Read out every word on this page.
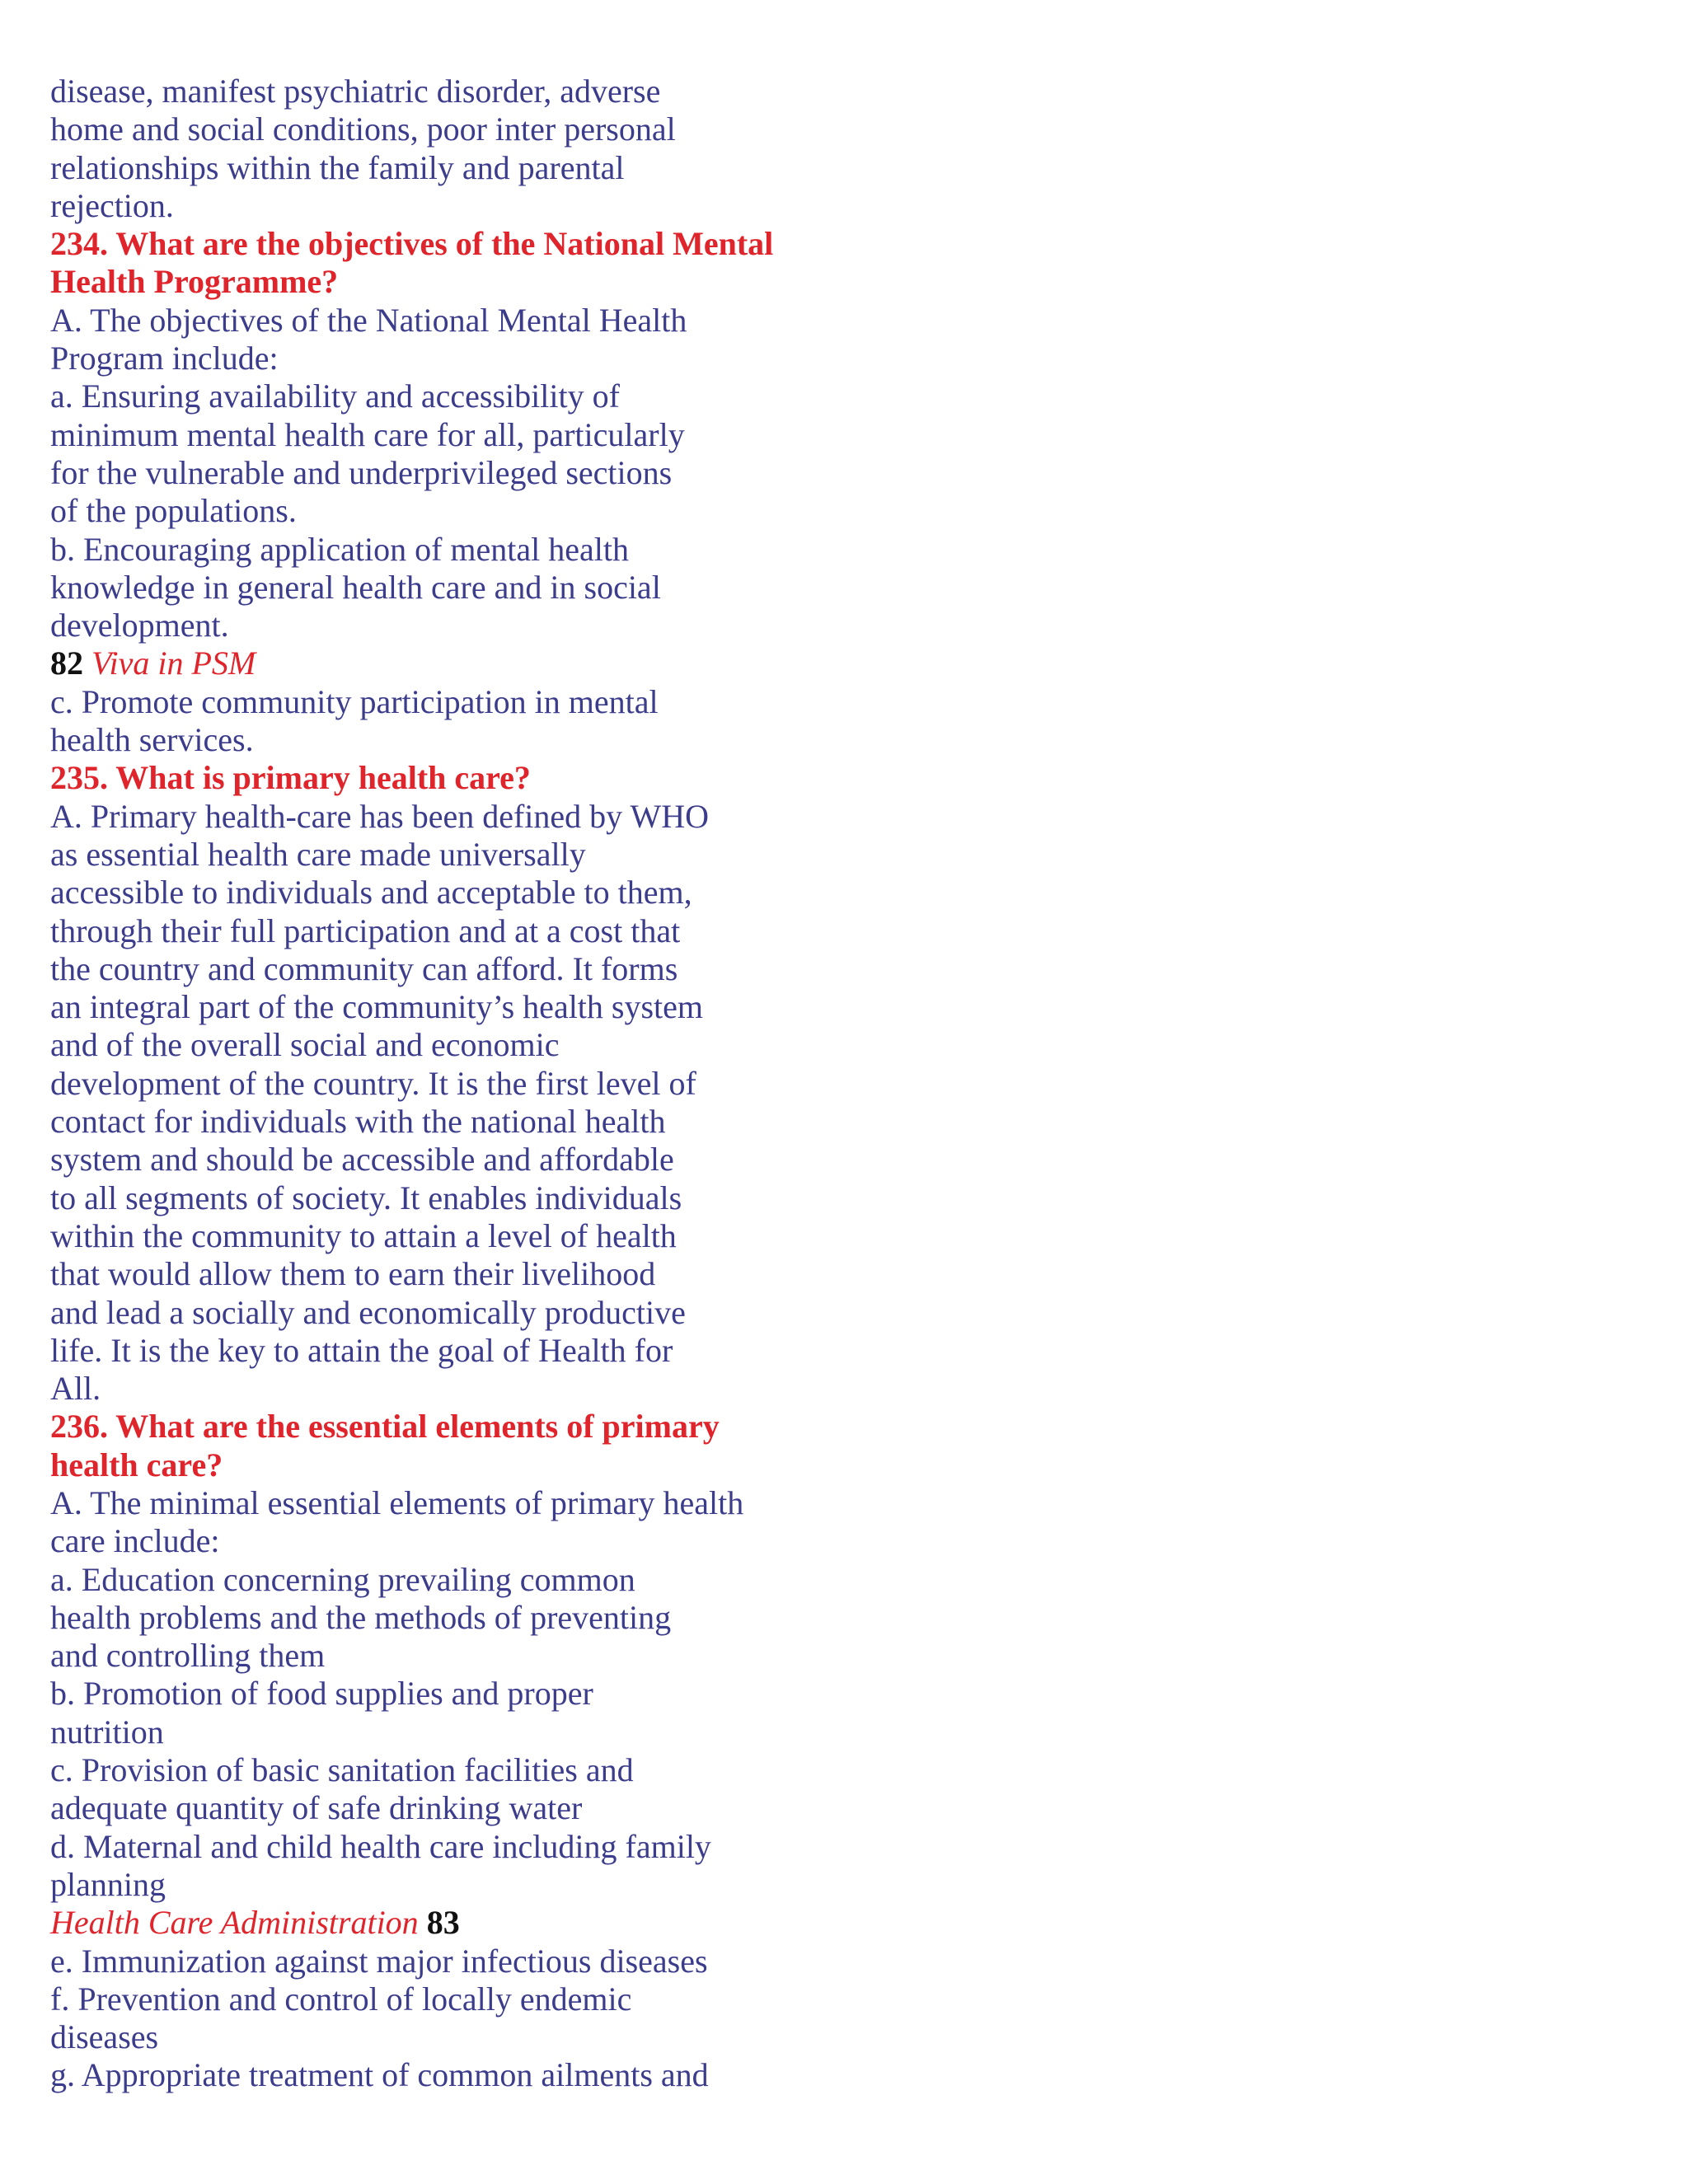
disease, manifest psychiatric disorder, adverse
home and social conditions, poor inter personal
relationships within the family and parental
rejection.
234. What are the objectives of the National Mental
Health Programme?
A. The objectives of the National Mental Health
Program include:
a. Ensuring availability and accessibility of
minimum mental health care for all, particularly
for the vulnerable and underprivileged sections
of the populations.
b. Encouraging application of mental health
knowledge in general health care and in social
development.
82 Viva in PSM
c. Promote community participation in mental
health services.
235. What is primary health care?
A. Primary health-care has been defined by WHO
as essential health care made universally
accessible to individuals and acceptable to them,
through their full participation and at a cost that
the country and community can afford. It forms
an integral part of the community’s health system
and of the overall social and economic
development of the country. It is the first level of
contact for individuals with the national health
system and should be accessible and affordable
to all segments of society. It enables individuals
within the community to attain a level of health
that would allow them to earn their livelihood
and lead a socially and economically productive
life. It is the key to attain the goal of Health for
All.
236. What are the essential elements of primary
health care?
A. The minimal essential elements of primary health
care include:
a. Education concerning prevailing common
health problems and the methods of preventing
and controlling them
b. Promotion of food supplies and proper
nutrition
c. Provision of basic sanitation facilities and
adequate quantity of safe drinking water
d. Maternal and child health care including family
planning
Health Care Administration 83
e. Immunization against major infectious diseases
f. Prevention and control of locally endemic
diseases
g. Appropriate treatment of common ailments and
